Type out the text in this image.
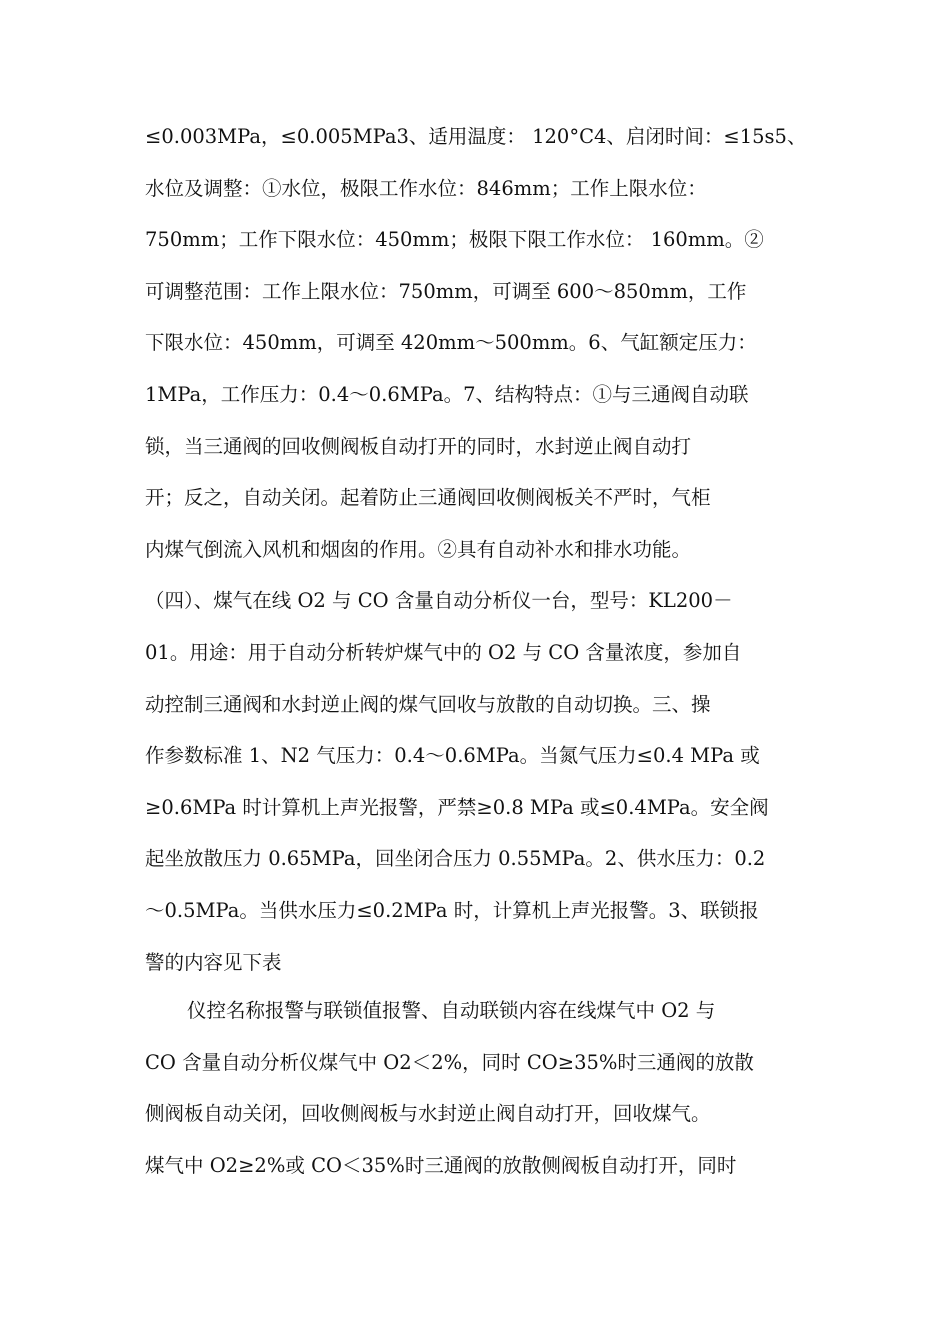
≤0.003MPa，≤0.005MPa3、适用温度： 120°C4、启闭时间：≤15s5、
水位及调整：①水位，极限工作水位：846mm；工作上限水位：
750mm；工作下限水位：450mm；极限下限工作水位： 160mm。②
可调整范围：工作上限水位：750mm，可调至 600～850mm，工作
下限水位：450mm，可调至 420mm～500mm。6、气缸额定压力：
1MPa，工作压力：0.4～0.6MPa。7、结构特点：①与三通阀自动联
锁，当三通阀的回收侧阀板自动打开的同时，水封逆止阀自动打
开；反之，自动关闭。起着防止三通阀回收侧阀板关不严时，气柜
内煤气倒流入风机和烟囱的作用。②具有自动补水和排水功能。
（四）、煤气在线 O2 与 CO 含量自动分析仪一台，型号：KL200－
01。用途：用于自动分析转炉煤气中的 O2 与 CO 含量浓度，参加自
动控制三通阀和水封逆止阀的煤气回收与放散的自动切换。三、操
作参数标准 1、N2 气压力：0.4～0.6MPa。当氮气压力≤0.4 MPa 或
≥0.6MPa 时计算机上声光报警，严禁≥0.8 MPa 或≤0.4MPa。安全阀
起坐放散压力 0.65MPa，回坐闭合压力 0.55MPa。2、供水压力：0.2
～0.5MPa。当供水压力≤0.2MPa 时，计算机上声光报警。3、联锁报
警的内容见下表
仪控名称报警与联锁值报警、自动联锁内容在线煤气中 O2 与
CO 含量自动分析仪煤气中 O2＜2%，同时 CO≥35%时三通阀的放散
侧阀板自动关闭，回收侧阀板与水封逆止阀自动打开，回收煤气。
煤气中 O2≥2%或 CO＜35%时三通阀的放散侧阀板自动打开，同时
